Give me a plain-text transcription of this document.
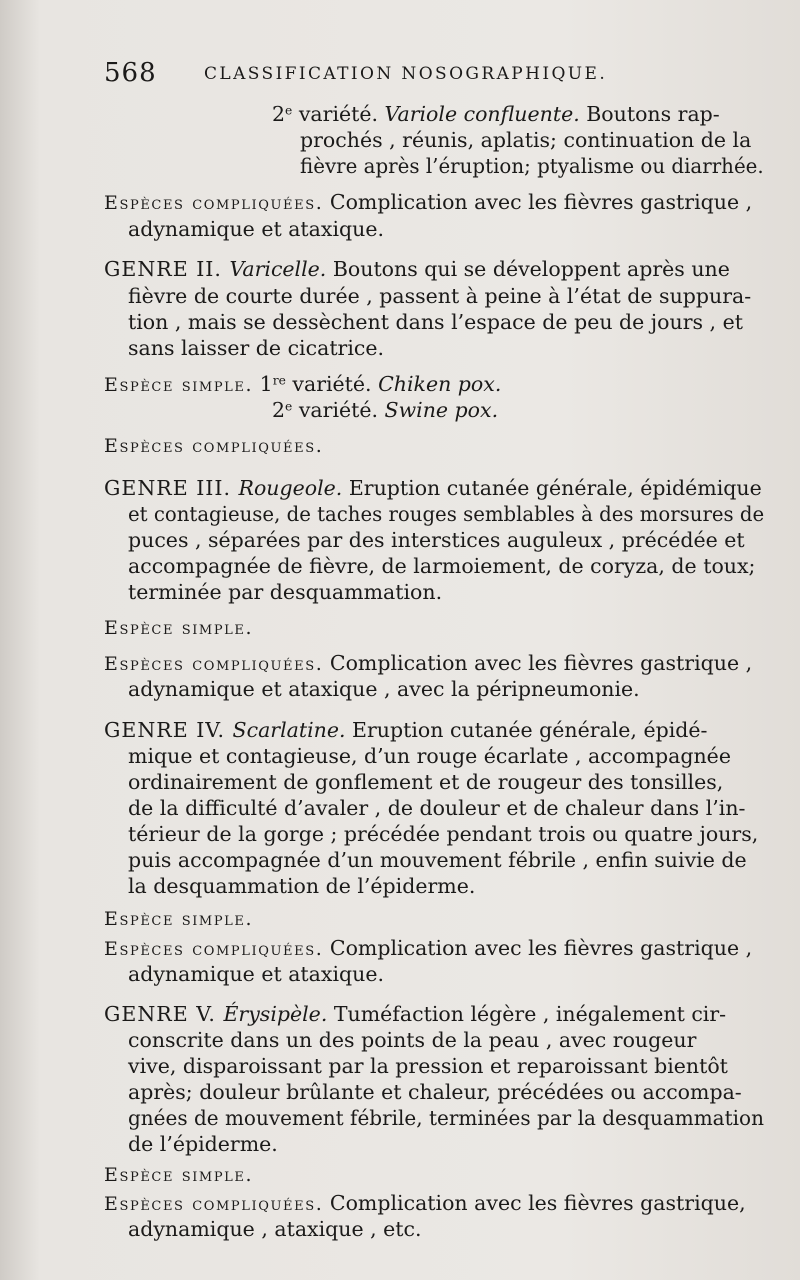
568	CLASSIFICATION NOSOGRAPHIQUE.
2e variété. Variole confluente. Boutons rap-
prochés , réunis, aplatis; continuation de la
fièvre après l’éruption; ptyalisme ou diarrhée.
Espèces compliquées. Complication avec les fièvres gastrique ,
adynamique et ataxique.
GENRE II. Varicelle. Boutons qui se développent après une
fièvre de courte durée , passent à peine à l’état de suppura-
tion , mais se dessèchent dans l’espace de peu de jours , et
sans laisser de cicatrice.
Espèce simple. 1re variété. Chiken pox.
2e variété. Swine pox.
Espèces compliquées.
GENRE III. Rougeole. Eruption cutanée générale, épidémique
et contagieuse, de taches rouges semblables à des morsures de
puces , séparées par des interstices auguleux , précédée et
accompagnée de fièvre, de larmoiement, de coryza, de toux;
terminée par desquammation.
Espèce simple.
Espèces compliquées. Complication avec les fièvres gastrique ,
adynamique et ataxique , avec la péripneumonie.
GENRE IV. Scarlatine. Eruption cutanée générale, épidé-
mique et contagieuse, d’un rouge écarlate , accompagnée
ordinairement de gonflement et de rougeur des tonsilles,
de la difficulté d’avaler , de douleur et de chaleur dans l’in-
térieur de la gorge ; précédée pendant trois ou quatre jours,
puis accompagnée d’un mouvement fébrile , enfin suivie de
la desquammation de l’épiderme.
Espèce simple.
Espèces compliquées. Complication avec les fièvres gastrique ,
adynamique et ataxique.
GENRE V. Érysipèle. Tuméfaction légère , inégalement cir-
conscrite dans un des points de la peau , avec rougeur
vive, disparoissant par la pression et reparoissant bientôt
après; douleur brûlante et chaleur, précédées ou accompa-
gnées de mouvement fébrile, terminées par la desquammation
de l’épiderme.
Espèce simple.
Espèces compliquées. Complication avec les fièvres gastrique,
adynamique , ataxique , etc.
